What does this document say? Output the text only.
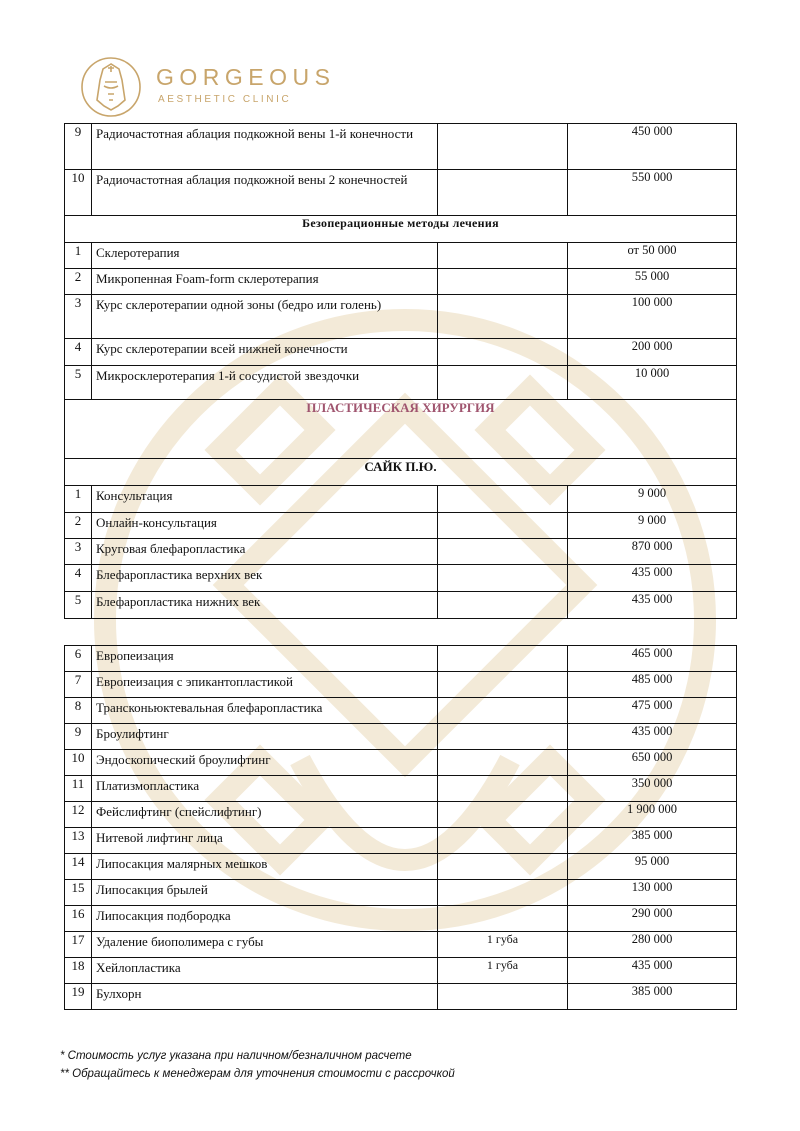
GORGEOUS
AESTHETIC CLINIC
9	Радиочастотная аблация подкожной вены 1-й конечности		450 000
10	Радиочастотная аблация подкожной вены 2 конечностей		550 000
Безоперационные методы лечения			
1	Склеротерапия		от 50 000
2	Микропенная Foam-form склеротерапия		55 000
3	Курс склеротерапии одной зоны (бедро или голень)		100 000
4	Курс склеротерапии всей нижней конечности		200 000
5	Микросклеротерапия 1-й сосудистой звездочки		10 000
ПЛАСТИЧЕСКАЯ ХИРУРГИЯ			
САЙК П.Ю.			
1	Консультация		9 000
2	Онлайн-консультация		9 000
3	Круговая блефаропластика		870 000
4	Блефаропластика верхних век		435 000
5	Блефаропластика нижних век		435 000
6	Европеизация		465 000
7	Европеизация с эпикантопластикой		485 000
8	Трансконьюктевальная блефаропластика		475 000
9	Броулифтинг		435 000
10	Эндоскопический броулифтинг		650 000
11	Платизмопластика		350 000
12	Фейслифтинг (спейслифтинг)		1 900 000
13	Нитевой лифтинг лица		385 000
14	Липосакция малярных мешков		95 000
15	Липосакция брылей		130 000
16	Липосакция подбородка		290 000
17	Удаление биополимера с губы	1 губа	280 000
18	Хейлопластика	1 губа	435 000
19	Булхорн		385 000
* Стоимость услуг указана при наличном/безналичном расчете
** Обращайтесь к менеджерам для уточнения стоимости с рассрочкой
